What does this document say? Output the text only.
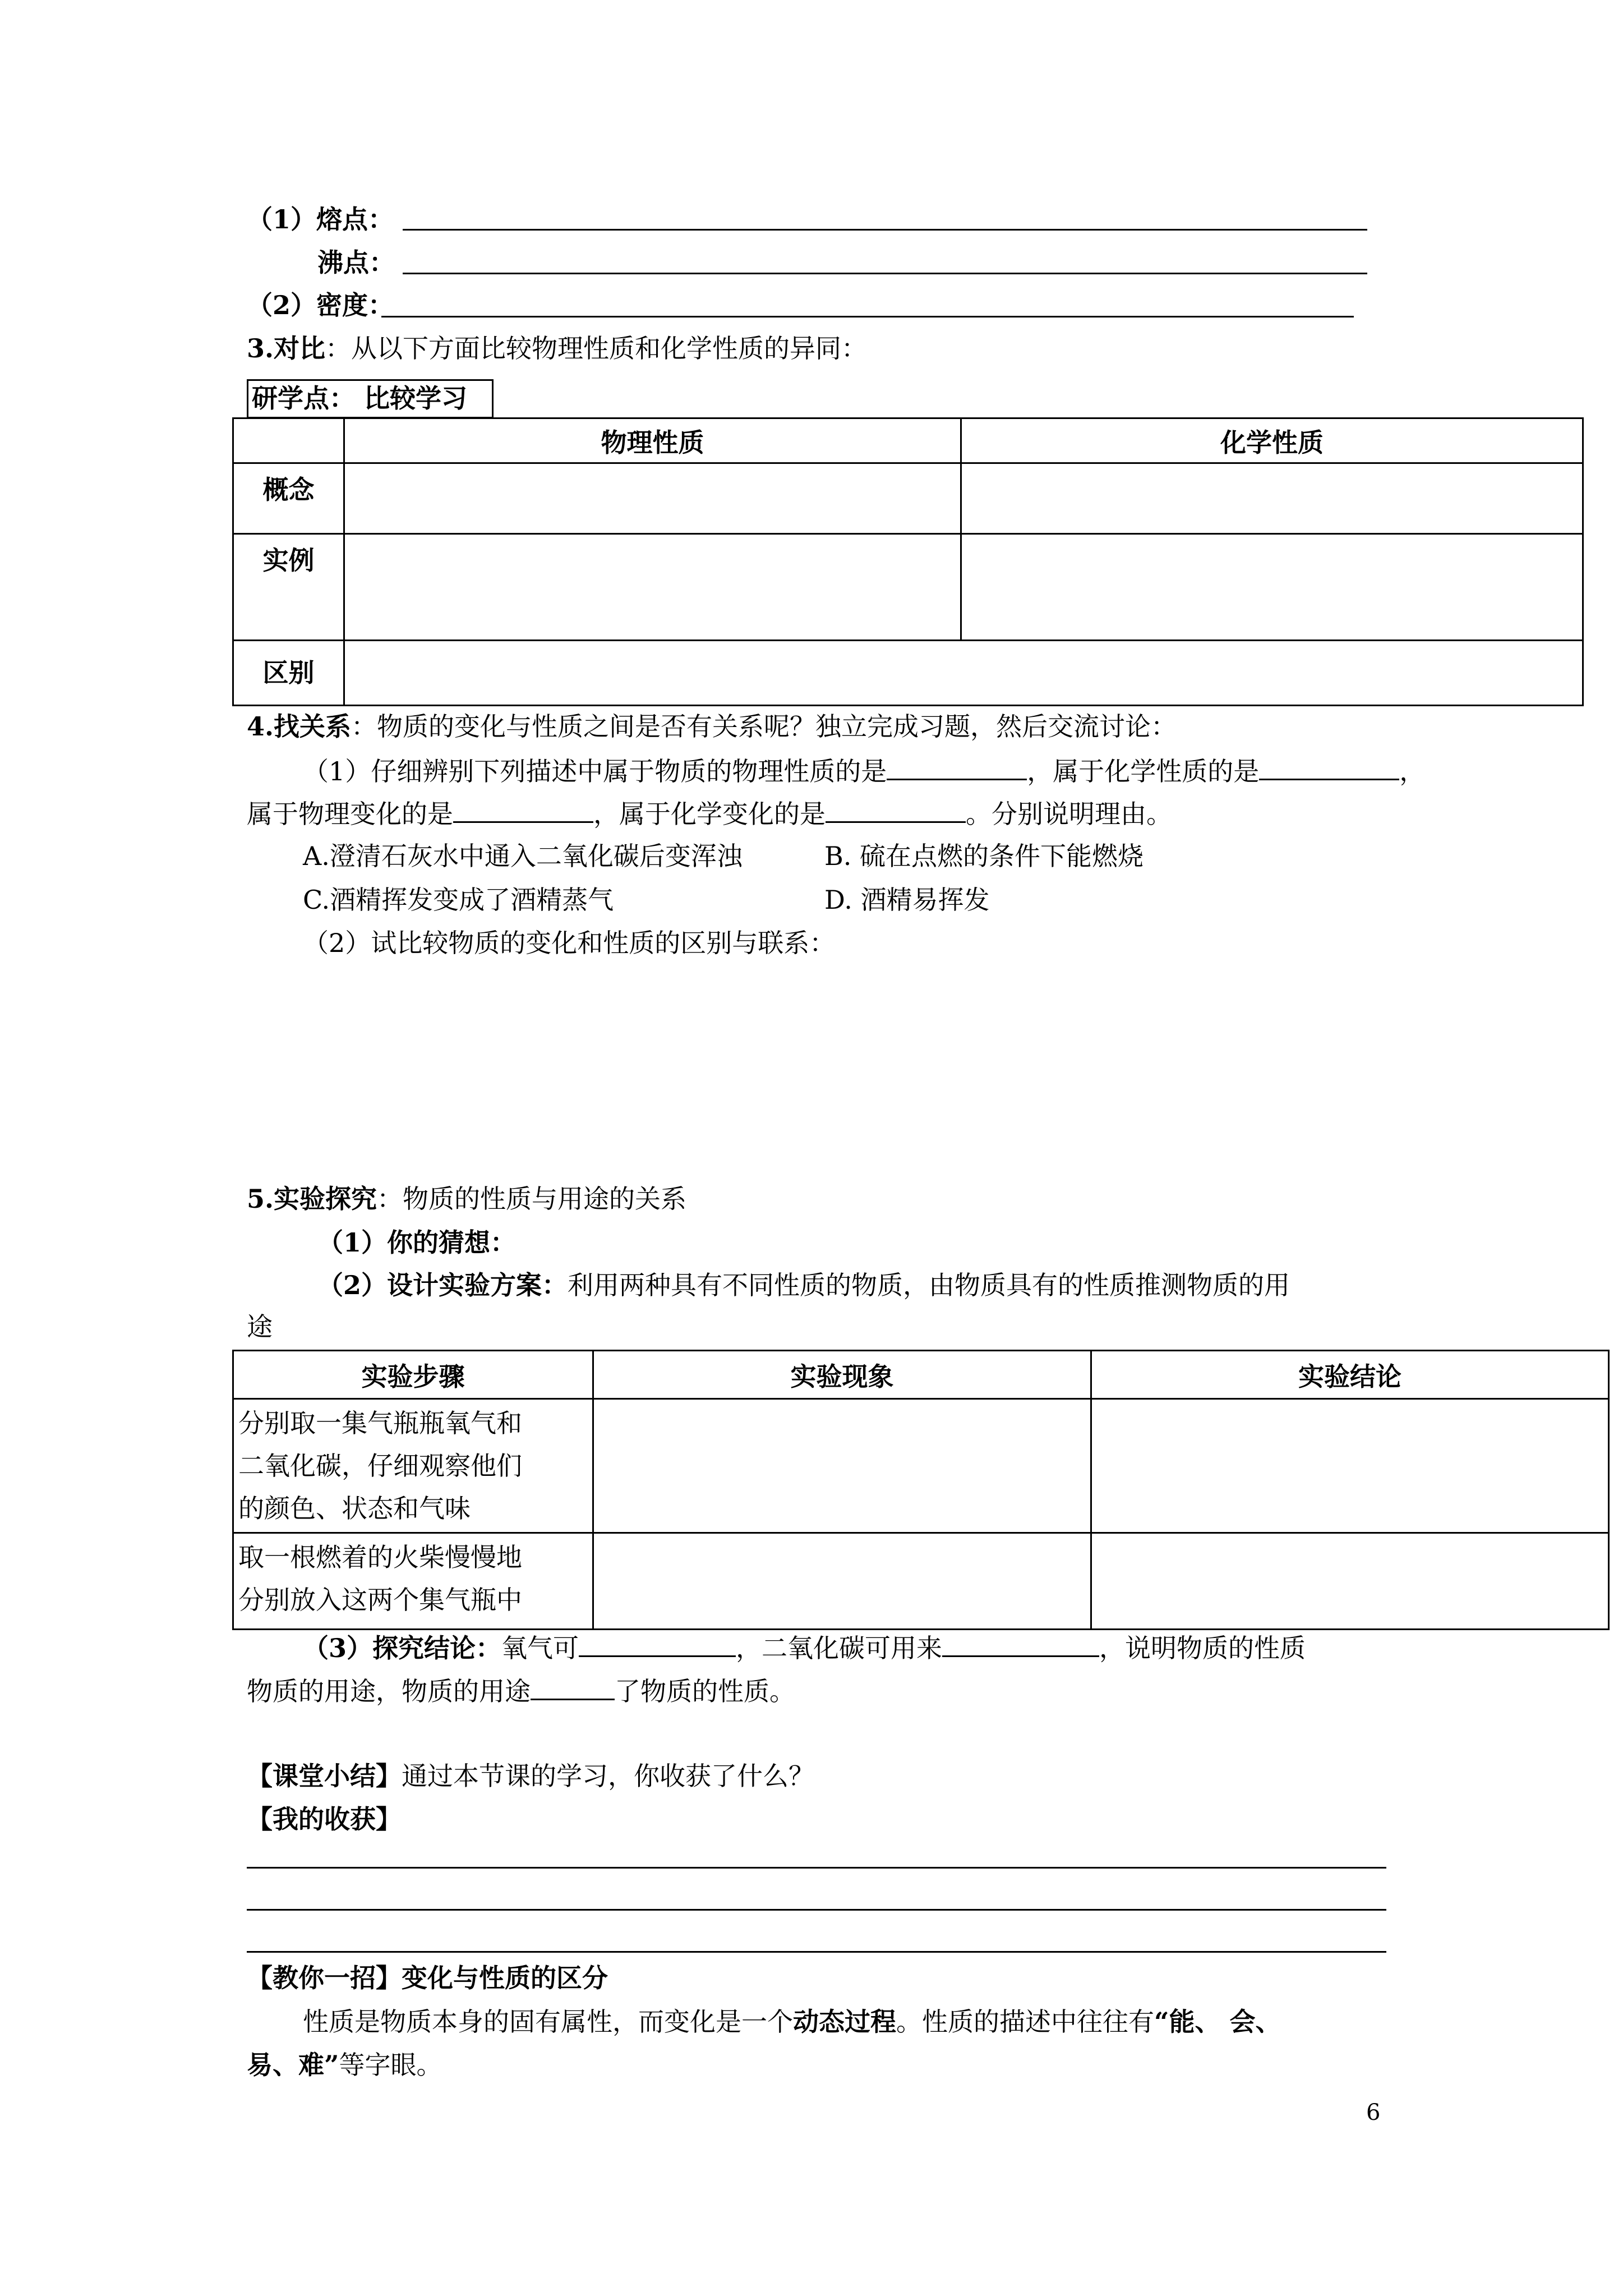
（1）熔点：
沸点：
（2）密度：
3.对比：从以下方面比较物理性质和化学性质的异同：
研学点： 比较学习
	物理性质	化学性质
概念		
实例		
区别		
4.找关系：物质的变化与性质之间是否有关系呢？独立完成习题，然后交流讨论：
（1）仔细辨别下列描述中属于物质的物理性质的是	，属于化学性质的是	，
属于物理变化的是	，属于化学变化的是	。分别说明理由。
A.澄清石灰水中通入二氧化碳后变浑浊	B. 硫在点燃的条件下能燃烧
C.酒精挥发变成了酒精蒸气	D. 酒精易挥发
（2）试比较物质的变化和性质的区别与联系：
5.实验探究：物质的性质与用途的关系
（1）你的猜想：
（2）设计实验方案：利用两种具有不同性质的物质，由物质具有的性质推测物质的用
途
实验步骤	实验现象	实验结论

分别取一集气瓶瓶氧气和
二氧化碳，仔细观察他们
的颜色、状态和气味		

取一根燃着的火柴慢慢地
分别放入这两个集气瓶中		

（3）探究结论：氧气可	，二氧化碳可用来	，说明物质的性质
物质的用途，物质的用途	了物质的性质。
【课堂小结】通过本节课的学习，你收获了什么？
【我的收获】
【教你一招】变化与性质的区分
性质是物质本身的固有属性，而变化是一个动态过程。性质的描述中往往有“能、 会、
易、难”等字眼。
6
